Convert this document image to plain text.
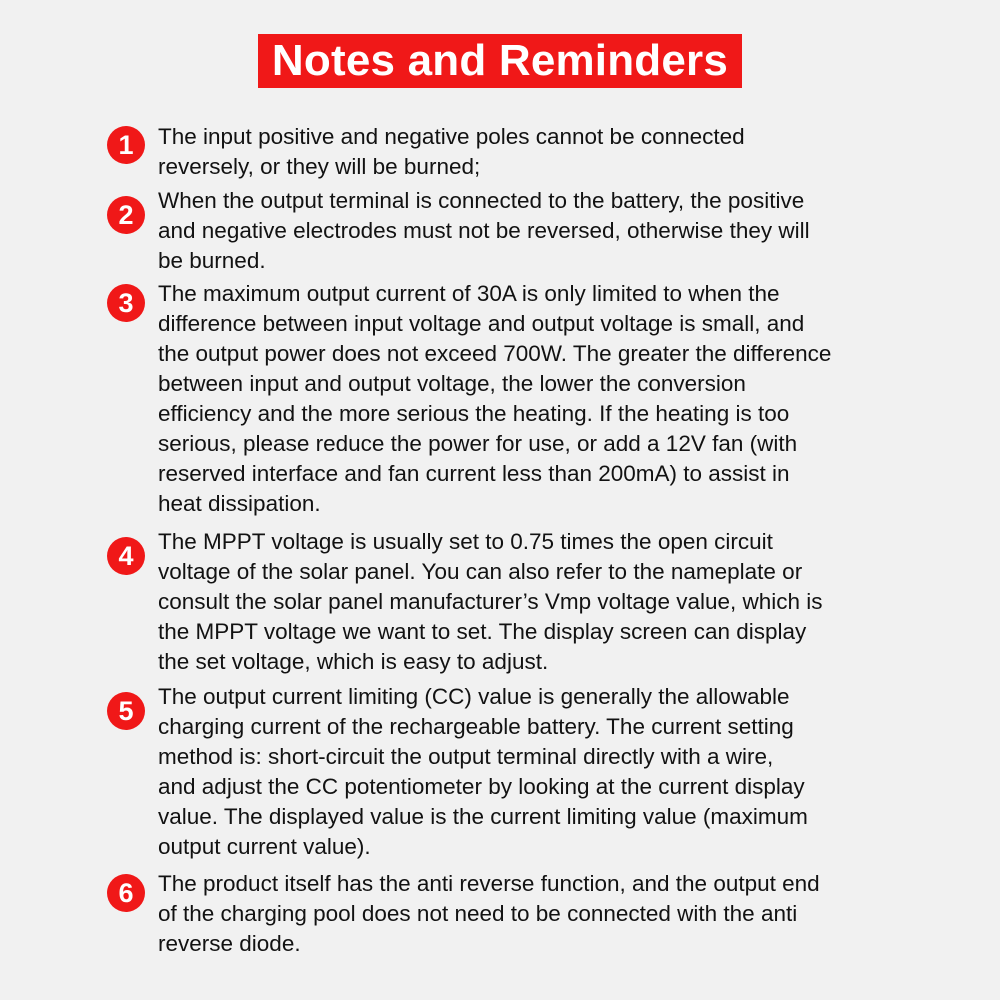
Notes and Reminders
1	The input positive and negative poles cannot be connected
reversely, or they will be burned;

2	When the output terminal is connected to the battery, the positive
and negative electrodes must not be reversed, otherwise they will
be burned.

3	The maximum output current of 30A is only limited to when the
difference between input voltage and output voltage is small, and
the output power does not exceed 700W. The greater the difference
between input and output voltage, the lower the conversion
efficiency and the more serious the heating. If the heating is too
serious, please reduce the power for use, or add a 12V fan (with
reserved interface and fan current less than 200mA) to assist in
heat dissipation.

4	The MPPT voltage is usually set to 0.75 times the open circuit
voltage of the solar panel. You can also refer to the nameplate or
consult the solar panel manufacturer’s Vmp voltage value, which is
the MPPT voltage we want to set. The display screen can display
the set voltage, which is easy to adjust.

5	The output current limiting (CC) value is generally the allowable
charging current of the rechargeable battery. The current setting
method is: short-circuit the output terminal directly with a wire,
and adjust the CC potentiometer by looking at the current display
value. The displayed value is the current limiting value (maximum
output current value).

6	The product itself has the anti reverse function, and the output end
of the charging pool does not need to be connected with the anti
reverse diode.
